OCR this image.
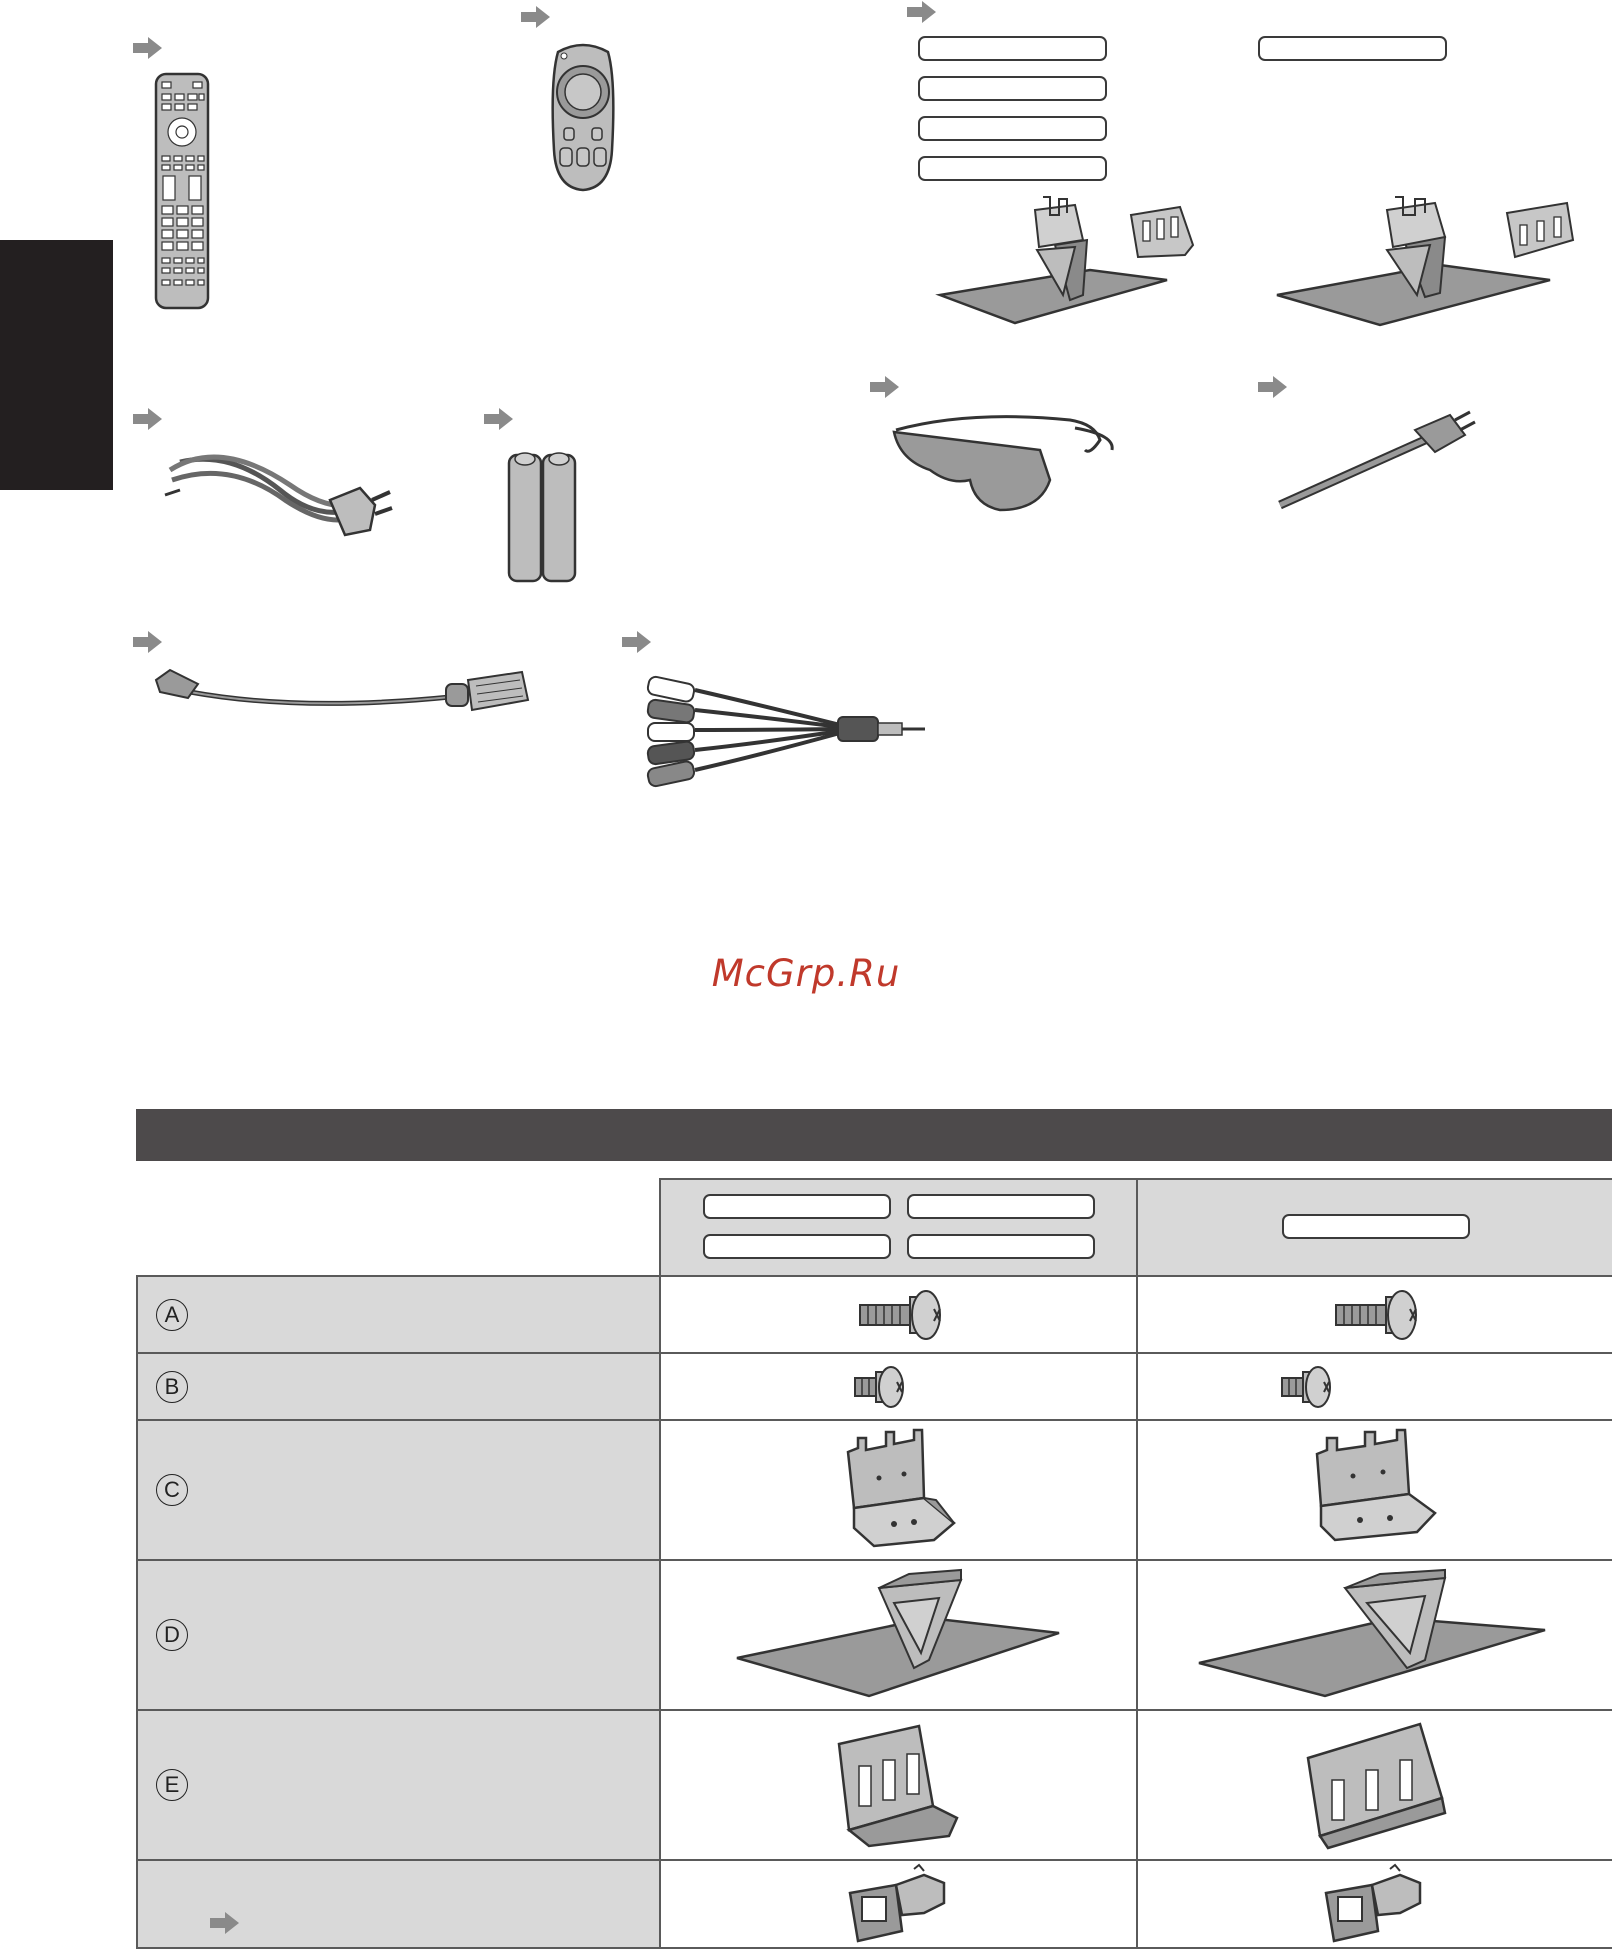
McGrp.Ru

A

B

C

D

E
